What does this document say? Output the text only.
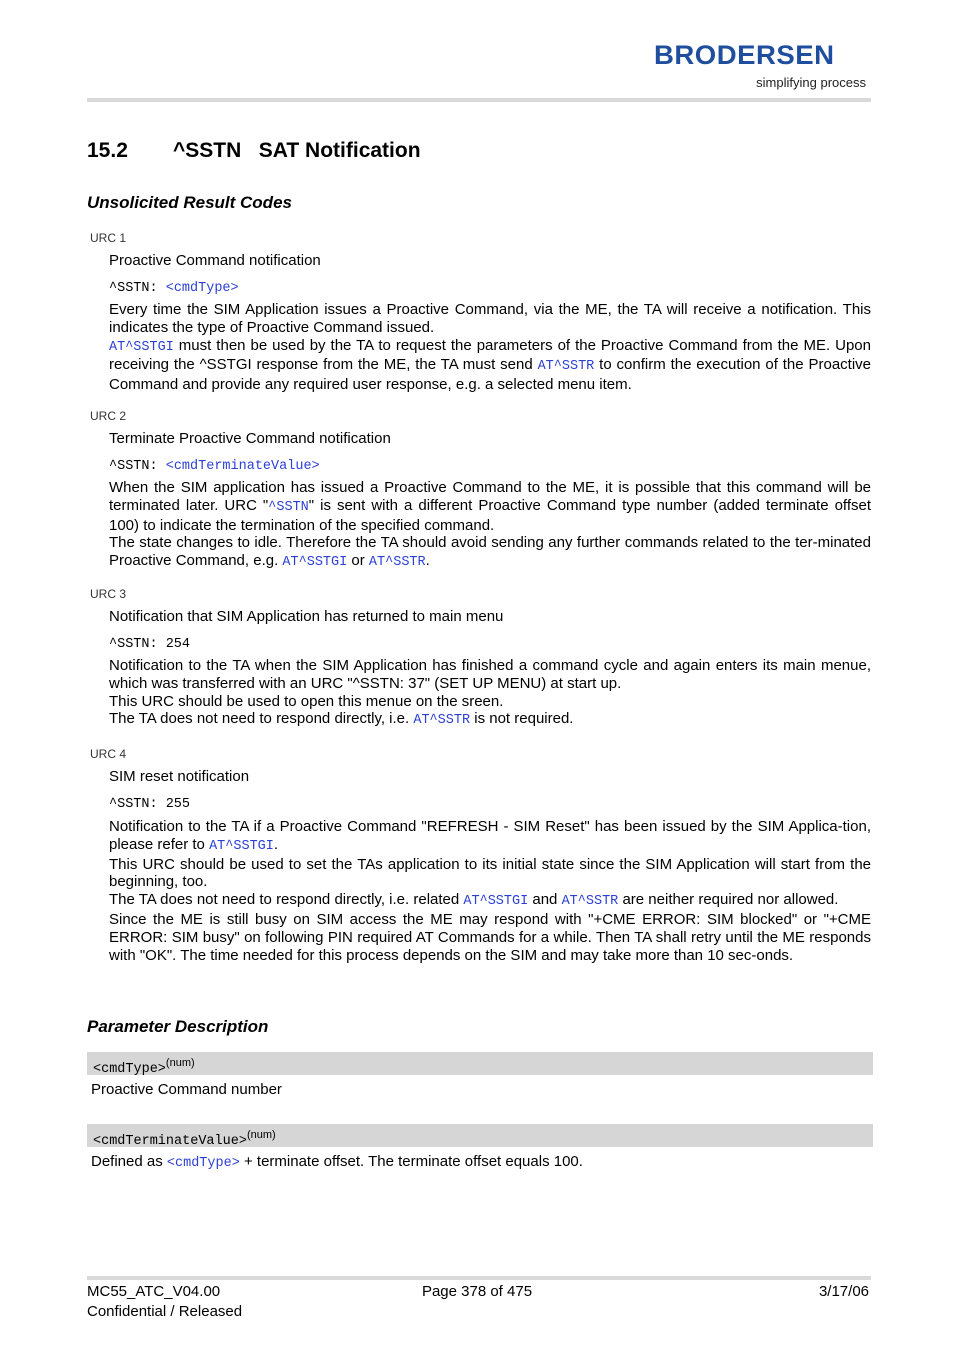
BRODERSEN
simplifying process
15.2 ^SSTN   SAT Notification
Unsolicited Result Codes
URC 1
Proactive Command notification
^SSTN: <cmdType>
Every time the SIM Application issues a Proactive Command, via the ME, the TA will receive a notification. This indicates the type of Proactive Command issued.
AT^SSTGI must then be used by the TA to request the parameters of the Proactive Command from the ME. Upon receiving the ^SSTGI response from the ME, the TA must send AT^SSTR to confirm the execution of the Proactive Command and provide any required user response, e.g. a selected menu item.
URC 2
Terminate Proactive Command notification
^SSTN: <cmdTerminateValue>
When the SIM application has issued a Proactive Command to the ME, it is possible that this command will be terminated later. URC "^SSTN" is sent with a different Proactive Command type number (added terminate offset 100) to indicate the termination of the specified command.
The state changes to idle. Therefore the TA should avoid sending any further commands related to the ter-minated Proactive Command, e.g. AT^SSTGI or AT^SSTR.
URC 3
Notification that SIM Application has returned to main menu
^SSTN: 254
Notification to the TA when the SIM Application has finished a command cycle and again enters its main menue, which was transferred with an URC "^SSTN: 37" (SET UP MENU) at start up.
This URC should be used to open this menue on the sreen.
The TA does not need to respond directly, i.e. AT^SSTR is not required.
URC 4
SIM reset notification
^SSTN: 255
Notification to the TA if a Proactive Command "REFRESH - SIM Reset" has been issued by the SIM Applica-tion, please refer to AT^SSTGI.
This URC should be used to set the TAs application to its initial state since the SIM Application will start from the beginning, too.
The TA does not need to respond directly, i.e. related AT^SSTGI and AT^SSTR are neither required nor allowed.
Since the ME is still busy on SIM access the ME may respond with "+CME ERROR: SIM blocked" or "+CME ERROR: SIM busy" on following PIN required AT Commands for a while. Then TA shall retry until the ME responds with "OK". The time needed for this process depends on the SIM and may take more than 10 sec-onds.
Parameter Description
<cmdType>$^{(num)}$
Proactive Command number
<cmdTerminateValue>$^{(num)}$
Defined as <cmdType> + terminate offset. The terminate offset equals 100.
MC55_ATC_V04.00
Confidential / Released
Page 378 of 475	3/17/06
